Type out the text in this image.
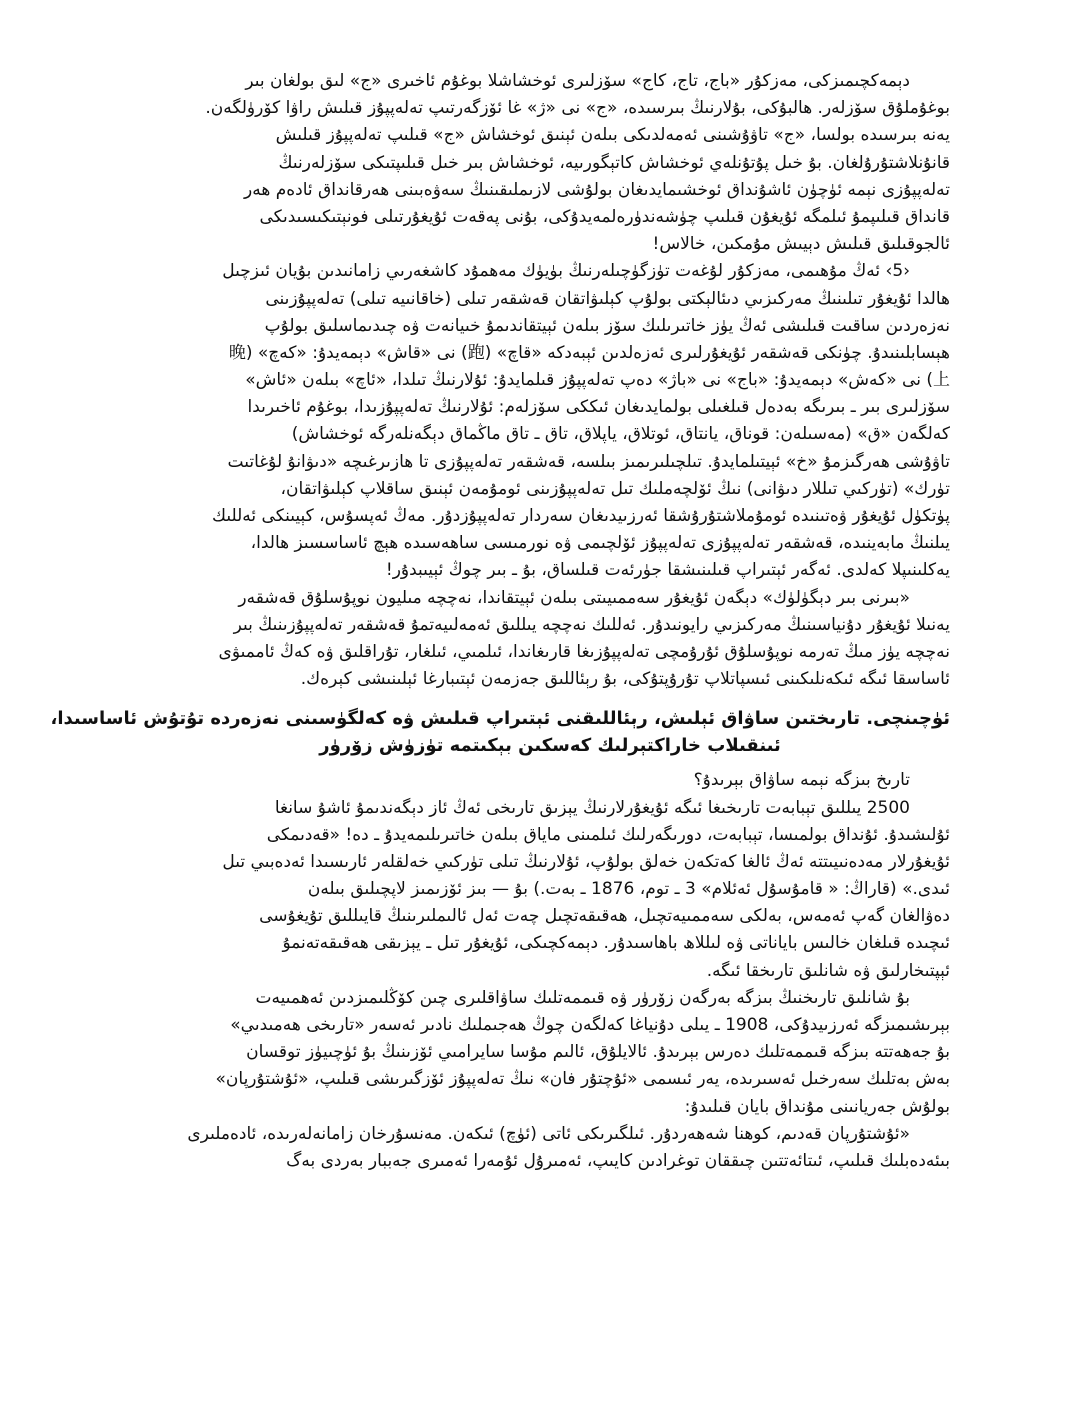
دېمەكچىمىزكى، مەزكۇر «باج، تاج، كاج» سۆزلىرى ئوخشاشلا بوغۇم ئاخىرى «ج» لىق بولغان بىر
بوغۇملۇق سۆزلەر. ھالبۇكى، بۇلارنىڭ بىرسىدە، «ج» نى «ژ» غا ئۆزگەرتىپ تەلەپپۇز قىلىش راۋا كۆرۈلگەن.
يەنە بىرسىدە بولسا، «ج» تاۋۇشىنى ئەمەلدىكى بىلەن ئېنىق ئوخشاش «ج» قىلىپ تەلەپپۇز قىلىش
قانۇنلاشتۇرۇلغان. بۇ خىل پۇتۇنلەي ئوخشاش كاتېگورىيە، ئوخشاش بىر خىل قىلىپتىكى سۆزلەرنىڭ
تەلەپپۇزى نېمە ئۈچۈن ئاشۇنداق ئوخشىمايدىغان بولۇشى لازىملىقىنىڭ سەۋەبىنى ھەرقانداق ئادەم ھەر
قانداق قىلىپمۇ ئىلمگە ئۇيغۇن قىلىپ چۈشەندۈرەلمەيدۇكى، بۇنى پەقەت ئۇيغۇرتىلى فونېتىكىسىدىكى
ئالجوقىلىق قىلىش دېيىش مۇمكىن، خالاس!
‹5› ئەڭ مۇھىمى، مەزكۇر لۇغەت تۈزگۈچىلەرنىڭ بۈيۈك مەھمۇد كاشغەرىي زامانىدىن بۇيان ئىزچىل
ھالدا ئۇيغۇر تىلىنىڭ مەركىزىي دىئالېكتى بولۇپ كېلىۋاتقان قەشقەر تىلى (خاقانىيە تىلى) تەلەپپۇزىنى
نەزەردىن ساقىت قىلىشى ئەڭ يۈز خاتىرىلىك سۆز بىلەن ئېيتقاندىمۇ خىيانەت ۋە چىدىماسلىق بولۇپ
ھېسابلىنىدۇ. چۈنكى قەشقەر ئۇيغۇرلىرى ئەزەلدىن ئېبەدكە «قاچ» (跑) نى «قاش» دېمەيدۇ: «كەچ» (晚
上) نى «كەش» دېمەيدۇ: «باج» نى «باژ» دەپ تەلەپپۇز قىلمايدۇ: ئۇلارنىڭ تىلدا، «ئاچ» بىلەن «ئاش»
سۆزلىرى بىر ـ بىرىگە بەدەل قىلغىلى بولمايدىغان ئىككى سۆزلەم: ئۇلارنىڭ تەلەپپۇزىدا، بوغۇم ئاخىرىدا
كەلگەن «ق» (مەسىلەن: قوناق، يانتاق، ئوتلاق، ياپلاق، تاق ـ تاق ماڭماق دېگەنلەرگە ئوخشاش)
تاۋۇشى ھەرگىزمۇ «خ» ئېيتىلمايدۇ. تىلچىلىرىمىز بىلسە، قەشقەر تەلەپپۇزى تا ھازىرغىچە «دىۋانۇ لۇغاتىت
تۈرك» (تۈركىي تىللار دىۋانى) نىڭ ئۆلچەملىك تىل تەلەپپۇزىنى ئومۇمەن ئېنىق ساقلاپ كېلىۋاتقان،
پۈتكۈل ئۇيغۇر ۋەتىنىدە ئومۇملاشتۇرۇشقا ئەرزىيدىغان سەردار تەلەپپۇزدۇر. مەڭ ئەپسۇس، كېيىنكى ئەللىك
يىلنىڭ مابەينىدە، قەشقەر تەلەپپۇزى تەلەپپۇز ئۆلچىمى ۋە نورمىسى ساھەسىدە ھېچ ئاساسسىز ھالدا،
يەكلىنىپلا كەلدى. ئەگەر ئېتىراپ قىلىنىشقا جۈرئەت قىلساق، بۇ ـ بىر چوڭ ئېيىبدۇر!
«بىرنى بىر دېگۈلۈك» دېگەن ئۇيغۇر سەممىيىتى بىلەن ئېيتقاندا، نەچچە مىليون نوپۇسلۇق قەشقەر
يەنىلا ئۇيغۇر دۇنياسىنىڭ مەركىزىي رايونىدۇر. ئەللىك نەچچە يىللىق ئەمەلىيەتمۇ قەشقەر تەلەپپۇزىنىڭ بىر
نەچچە يۈز مىڭ تەرمە نوپۇسلۇق ئۇرۇمچى تەلەپپۇزىغا قارىغاندا، ئىلمىي، ئىلغار، تۇراقلىق ۋە كەڭ ئاممىۋى
ئاساسقا ئىگە ئىكەنلىكىنى ئىسپاتلاپ تۇرۇپتۇكى، بۇ رېئاللىق جەزمەن ئېتىبارغا ئېلىنىشى كېرەك.
ئۈچىنچى. تارىختىن ساۋاق ئېلىش، رېئاللىقنى ئېتىراپ قىلىش ۋە كەلگۈسىنى نەزەردە تۇتۇش ئاساسىدا،
ئىنقىلاب خاراكتېرلىك كەسكىن بېكىتمە تۈزۈش زۆرۈر
تارىخ بىزگە نېمە ساۋاق بېرىدۇ؟
2500 يىللىق تېبابەت تارىخىغا ئىگە ئۇيغۇرلارنىڭ يېزىق تارىخى ئەڭ ئاز دېگەندىمۇ ئاشۇ سانغا
ئۇلىشىدۇ. ئۇنداق بولمىسا، تېبابەت، دورىگەرلىك ئىلمىنى ماياق بىلەن خاتىرىلىمەيدۇ ـ دە! «قەدىمكى
ئۇيغۇرلار مەدەنىيىتتە ئەڭ ئالغا كەتكەن خەلق بولۇپ، ئۇلارنىڭ تىلى تۈركىي خەلقلەر ئارىسىدا ئەدەبىي تىل
ئىدى.» (قاراڭ: « قامۇسۇل ئەئلام» 3 ـ توم، 1876 ـ بەت.) بۇ — بىز ئۆزىمىز لاپچىلىق بىلەن
دەۋالغان گەپ ئەمەس، بەلكى سەممىيەتچىل، ھەقىقەتچىل چەت ئەل ئالىملىرىنىڭ قايىللىق تۇيغۇسى
ئىچىدە قىلغان خالىس باياناتى ۋە لىللاھ باھاسىدۇر. دېمەكچىكى، ئۇيغۇر تىل ـ يېزىقى ھەقىقەتەنمۇ
ئېپتىخارلىق ۋە شانلىق تارىخقا ئىگە.
بۇ شانلىق تارىخنىڭ بىزگە بەرگەن زۆرۈر ۋە قىممەتلىك ساۋاقلىرى چىن كۆڭلىمىزدىن ئەھمىيەت
بېرىشىمىزگە ئەرزىيدۇكى، 1908 ـ يىلى دۇنياغا كەلگەن چوڭ ھەجىملىك نادىر ئەسەر «تارىخى ھەمىدىي»
بۇ جەھەتتە بىزگە قىممەتلىك دەرس بېرىدۇ. ئالايلۇق، ئالىم مۇسا سايرامىي ئۆزىنىڭ بۇ ئۈچىيۈز توقسان
بەش بەتلىك سەرخىل ئەسىرىدە، يەر ئىسمى «ئۇچتۇر فان» نىڭ تەلەپپۇز ئۆزگىرىشى قىلىپ، «ئۇشتۇرپان»
بولۇش جەريانىنى مۇنداق بايان قىلىدۇ:
«ئۇشتۇرپان قەدىم، كوھنا شەھەردۇر. ئىلگىرىكى ئاتى (ئۈچ) ئىكەن. مەنسۇرخان زامانەلەرىدە، ئادەملىرى
بىئەدەبلىك قىلىپ، ئىتائەتتىن چىققان توغرادىن كايىپ، ئەمىرۇل ئۇمەرا ئەمىرى جەببار بەردى بەگ
